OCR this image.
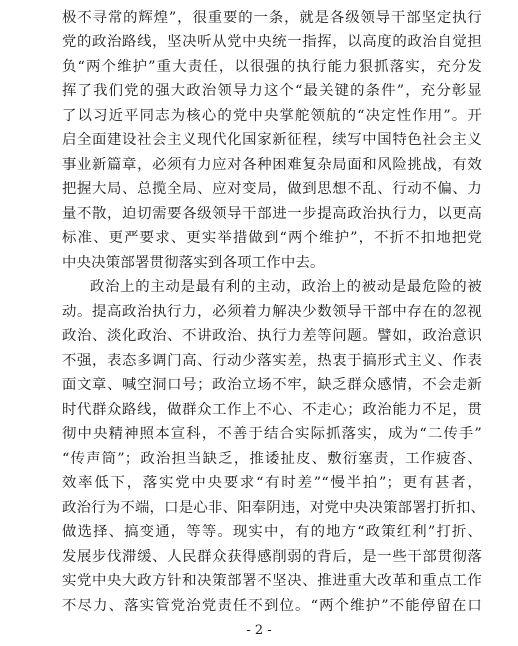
极不寻常的辉煌”，很重要的一条，就是各级领导干部坚定执行
党的政治路线，坚决听从党中央统一指挥，以高度的政治自觉担
负“两个维护”重大责任，以很强的执行能力狠抓落实，充分发
挥了我们党的强大政治领导力这个“最关键的条件”，充分彰显
了以习近平同志为核心的党中央掌舵领航的“决定性作用”。开
启全面建设社会主义现代化国家新征程，续写中国特色社会主义
事业新篇章，必须有力应对各种困难复杂局面和风险挑战，有效
把握大局、总揽全局、应对变局，做到思想不乱、行动不偏、力
量不散，迫切需要各级领导干部进一步提高政治执行力，以更高
标准、更严要求、更实举措做到“两个维护”，不折不扣地把党
中央决策部署贯彻落实到各项工作中去。
政治上的主动是最有利的主动，政治上的被动是最危险的被
动。提高政治执行力，必须着力解决少数领导干部中存在的忽视
政治、淡化政治、不讲政治、执行力差等问题。譬如，政治意识
不强，表态多调门高、行动少落实差，热衷于搞形式主义、作表
面文章、喊空洞口号；政治立场不牢，缺乏群众感情，不会走新
时代群众路线，做群众工作上不心、不走心；政治能力不足，贯
彻中央精神照本宣科，不善于结合实际抓落实，成为“二传手”
“传声筒”；政治担当缺乏，推诿扯皮、敷衍塞责，工作疲沓、
效率低下，落实党中央要求“有时差”“慢半拍”；更有甚者，
政治行为不端，口是心非、阳奉阴违，对党中央决策部署打折扣、
做选择、搞变通，等等。现实中，有的地方“政策红利”打折、
发展步伐滞缓、人民群众获得感削弱的背后，是一些干部贯彻落
实党中央大政方针和决策部署不坚决、推进重大改革和重点工作
不尽力、落实管党治党责任不到位。“两个维护”不能停留在口
- 2 -
